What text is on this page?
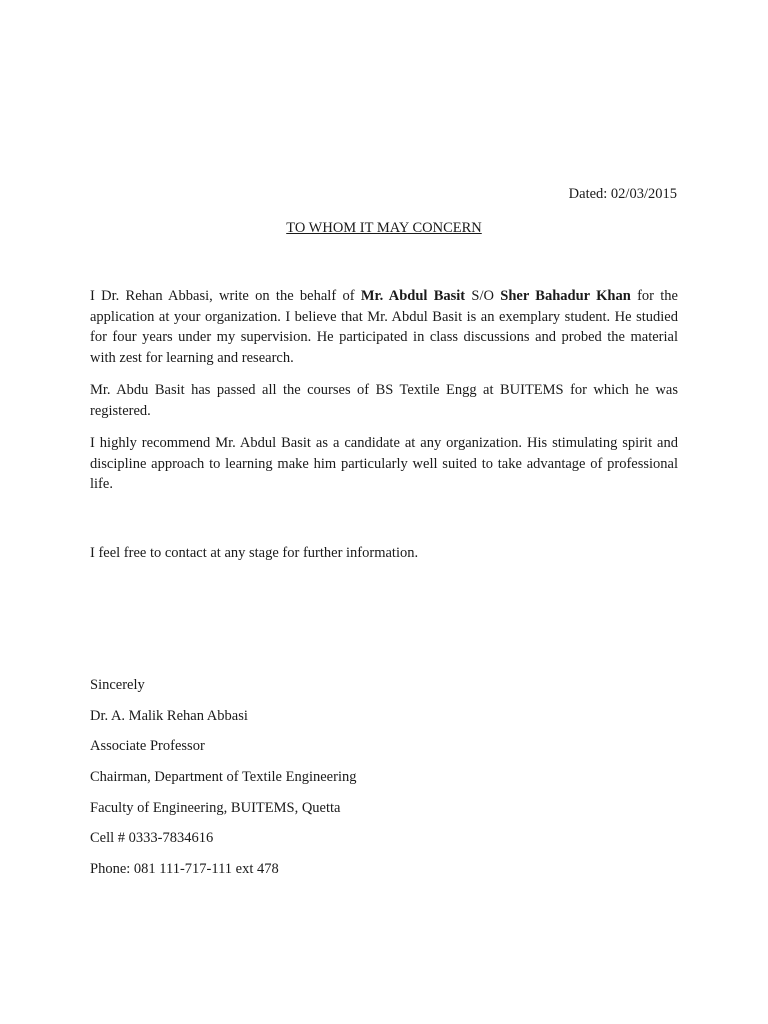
Dated: 02/03/2015
TO WHOM IT MAY CONCERN

I Dr. Rehan Abbasi, write on the behalf of Mr. Abdul Basit S/O Sher Bahadur Khan for the application at your organization. I believe that Mr. Abdul Basit is an exemplary student. He studied for four years under my supervision. He participated in class discussions and probed the material with zest for learning and research.

Mr. Abdu Basit has passed all the courses of BS Textile Engg at BUITEMS for which he was registered.

I highly recommend Mr. Abdul Basit as a candidate at any organization. His stimulating spirit and discipline approach to learning make him particularly well suited to take advantage of professional life.

I feel free to contact at any stage for further information.

Sincerely
Dr. A. Malik Rehan Abbasi
Associate Professor
Chairman, Department of Textile Engineering
Faculty of Engineering, BUITEMS, Quetta
Cell # 0333-7834616
Phone: 081 111-717-111 ext 478
